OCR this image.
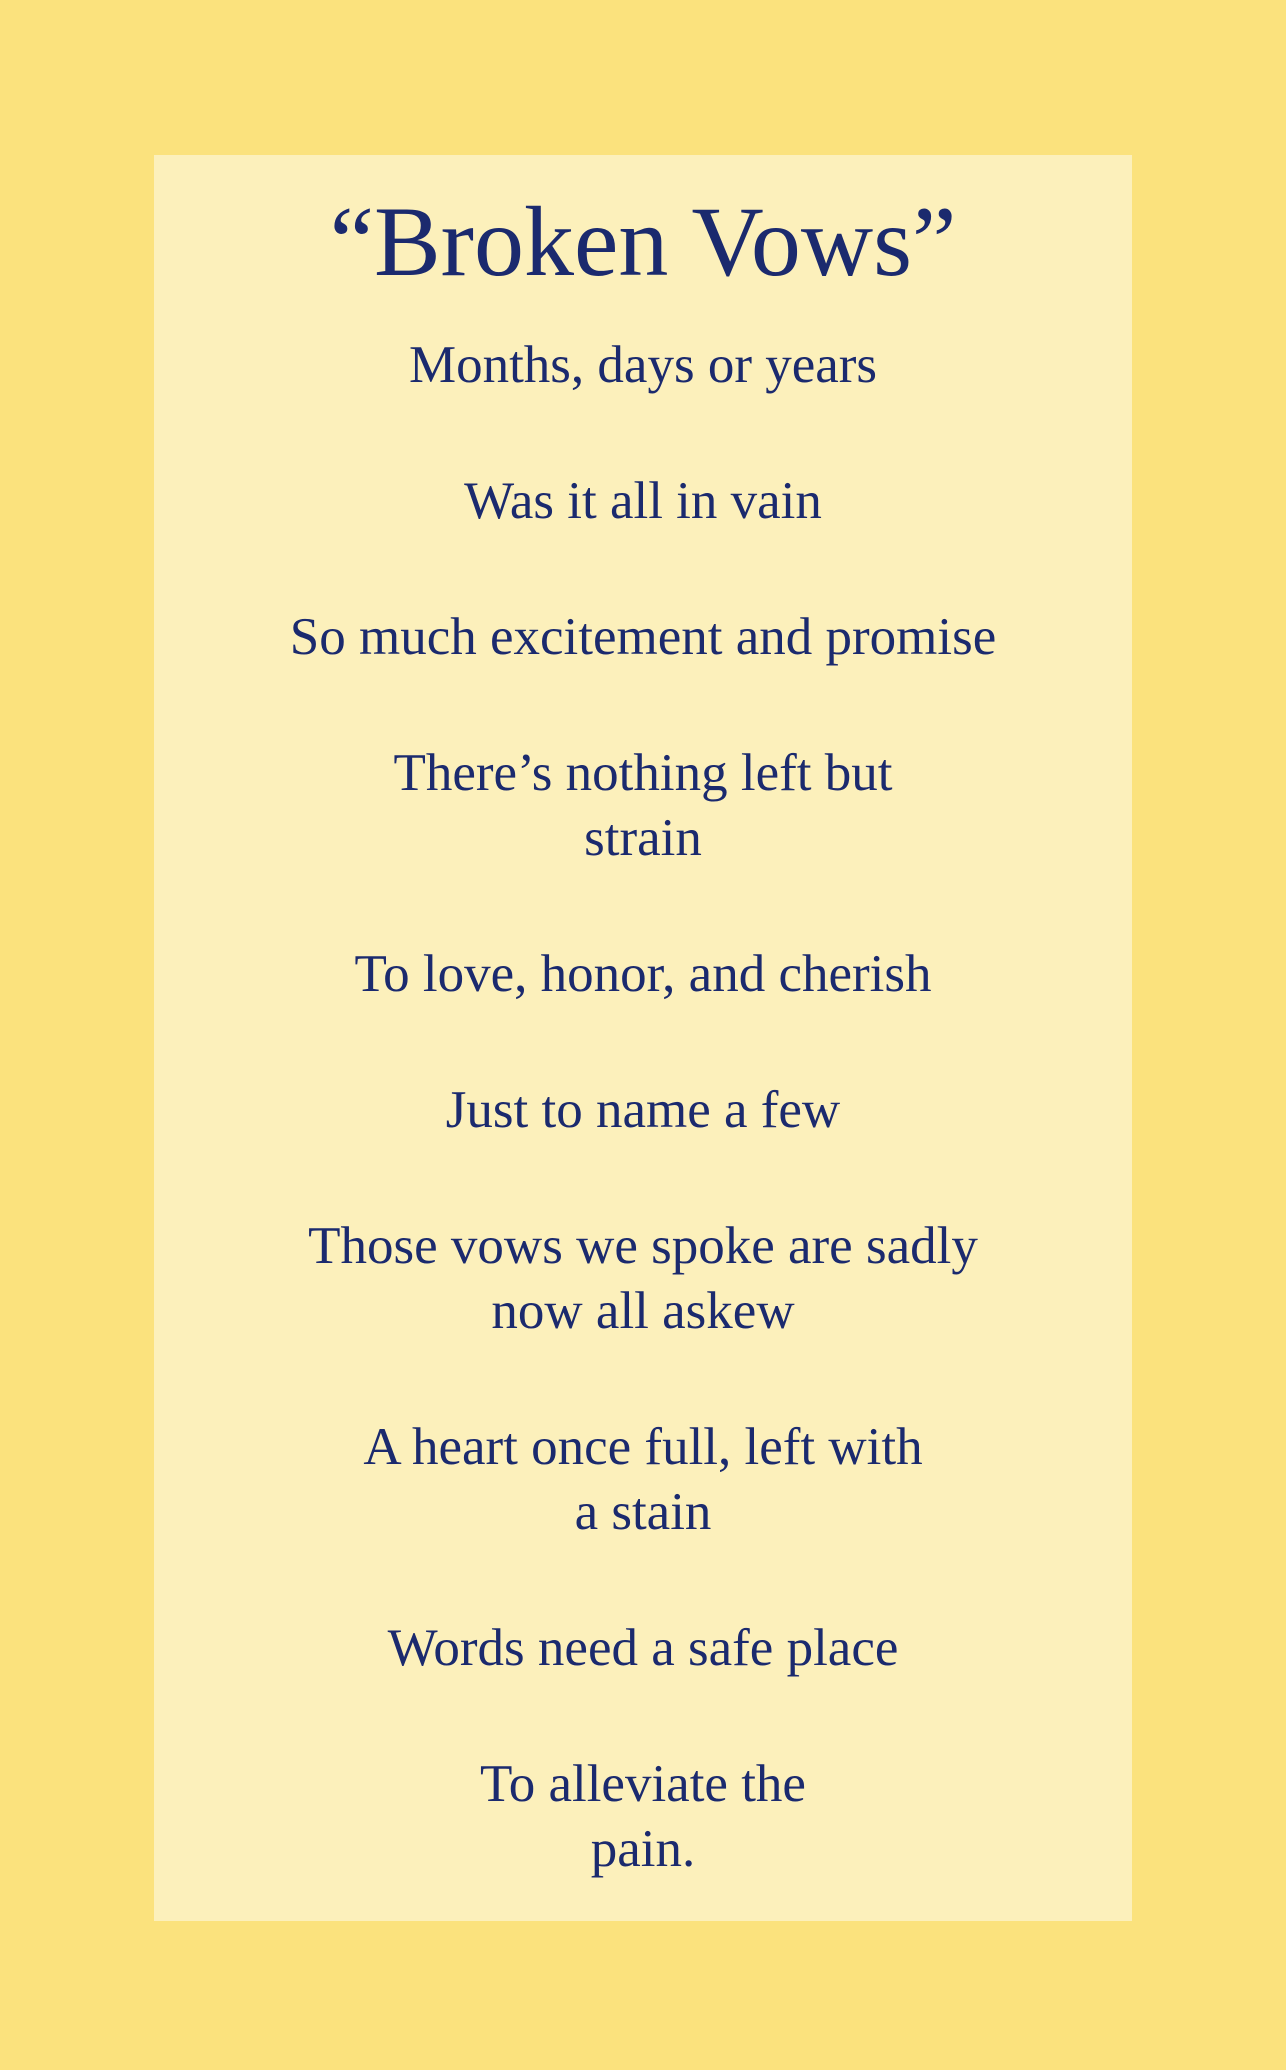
“Broken Vows”
Months, days or years
Was it all in vain
So much excitement and promise
There’s nothing left but
strain
To love, honor, and cherish
Just to name a few
Those vows we spoke are sadly
now all askew
A heart once full, left with
a stain
Words need a safe place
To alleviate the
pain.
